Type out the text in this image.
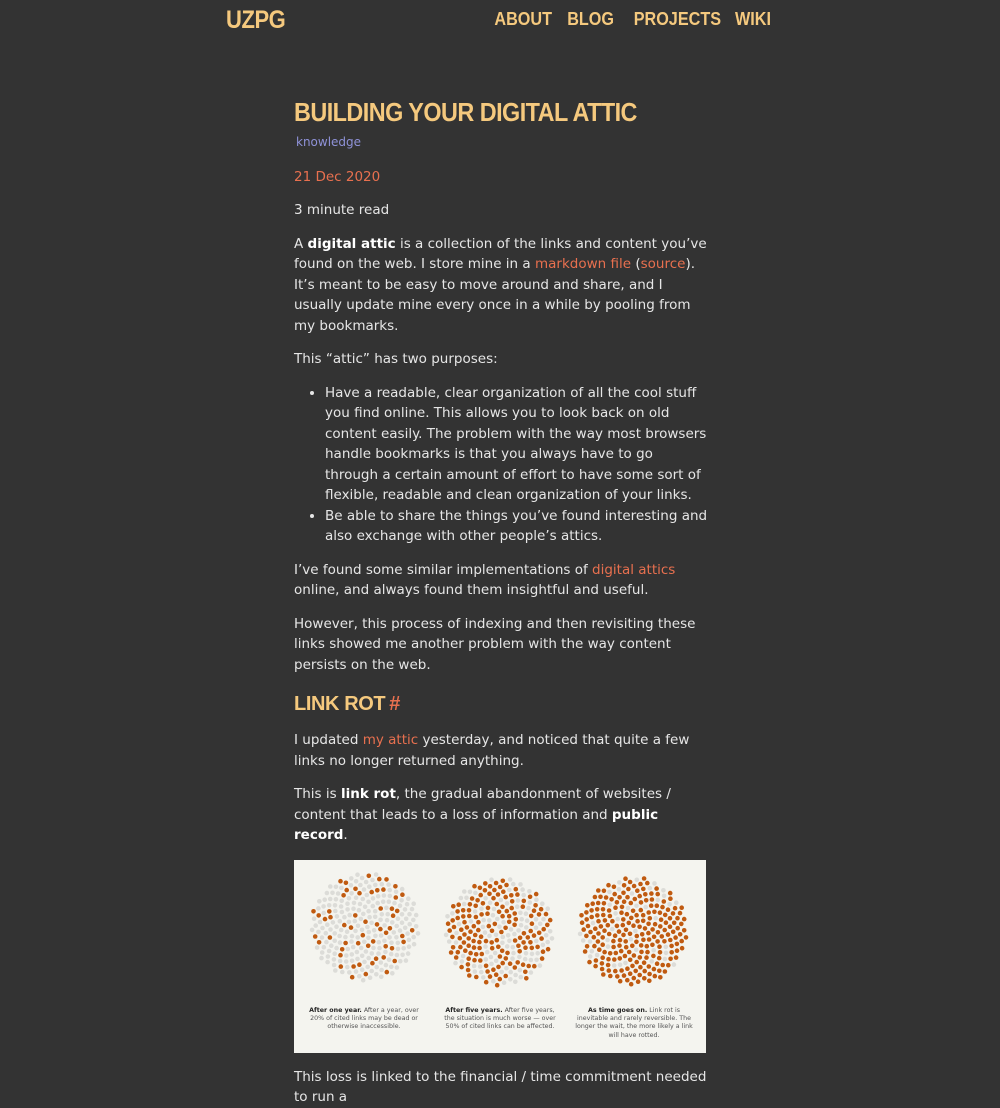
UZPG	ABOUT BLOG PROJECTS WIKI
BUILDING YOUR DIGITAL ATTIC
knowledge
21 Dec 2020
3 minute read

A digital attic is a collection of the links and content you’ve found on the web. I store mine in a markdown file (source). It’s meant to be easy to move around and share, and I usually update mine every once in a while by pooling from my bookmarks.

This “attic” has two purposes:

• Have a readable, clear organization of all the cool stuff you find online. This allows you to look back on old content easily. The problem with the way most browsers handle bookmarks is that you always have to go through a certain amount of effort to have some sort of flexible, readable and clean organization of your links.
• Be able to share the things you’ve found interesting and also exchange with other people’s attics.

I’ve found some similar implementations of digital attics online, and always found them insightful and useful.

However, this process of indexing and then revisiting these links showed me another problem with the way content persists on the web.

LINK ROT #

I updated my attic yesterday, and noticed that quite a few links no longer returned anything.

This is link rot, the gradual abandonment of websites / content that leads to a loss of information and public record.

After one year. After a year, over 20% of cited links may be dead or otherwise inaccessible.
After five years. After five years, the situation is much worse — over 50% of cited links can be affected.
As time goes on. Link rot is inevitable and rarely reversible. The longer the wait, the more likely a link will have rotted.

This loss is linked to the financial / time commitment needed to run a
